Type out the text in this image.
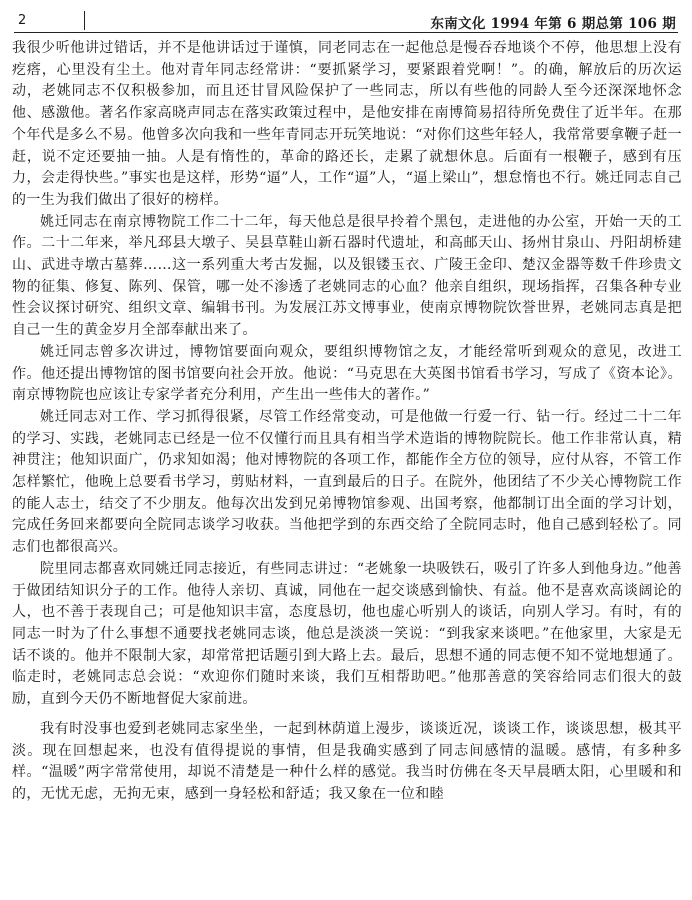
2	东南文化 1994 年第 6 期总第 106 期

我很少听他讲过错话，并不是他讲话过于谨慎，同老同志在一起他总是慢吞吞地谈个不停，他思想上没有疙瘩，心里没有尘土。他对青年同志经常讲：“要抓紧学习，要紧跟着党啊！”。的确，解放后的历次运动，老姚同志不仅积极参加，而且还甘冒风险保护了一些同志，所以有些他的同龄人至今还深深地怀念他、感激他。著名作家高晓声同志在落实政策过程中，是他安排在南博简易招待所免费住了近半年。在那个年代是多么不易。他曾多次向我和一些年青同志开玩笑地说：“对你们这些年轻人，我常常要拿鞭子赶一赶，说不定还要抽一抽。人是有惰性的，革命的路还长，走累了就想休息。后面有一根鞭子，感到有压力，会走得快些。”事实也是这样，形势“逼”人，工作“逼”人，“逼上梁山”，想怠惰也不行。姚迁同志自己的一生为我们做出了很好的榜样。

姚迁同志在南京博物院工作二十二年，每天他总是很早拎着个黑包，走进他的办公室，开始一天的工作。二十二年来，举凡邳县大墩子、吴县草鞋山新石器时代遗址，和高邮天山、扬州甘泉山、丹阳胡桥建山、武进寺墩古墓葬……这一系列重大考古发掘，以及银镂玉衣、广陵王金印、楚汉金器等数千件珍贵文物的征集、修复、陈列、保管，哪一处不渗透了老姚同志的心血？他亲自组织，现场指挥，召集各种专业性会议探讨研究、组织文章、编辑书刊。为发展江苏文博事业，使南京博物院饮誉世界，老姚同志真是把自己一生的黄金岁月全部奉献出来了。

姚迁同志曾多次讲过，博物馆要面向观众，要组织博物馆之友，才能经常听到观众的意见，改进工作。他还提出博物馆的图书馆要向社会开放。他说：“马克思在大英图书馆看书学习，写成了《资本论》。南京博物院也应该让专家学者充分利用，产生出一些伟大的著作。”

姚迁同志对工作、学习抓得很紧，尽管工作经常变动，可是他做一行爱一行、钻一行。经过二十二年的学习、实践，老姚同志已经是一位不仅懂行而且具有相当学术造诣的博物院院长。他工作非常认真，精神贯注；他知识面广，仍求知如渴；他对博物院的各项工作，都能作全方位的领导，应付从容，不管工作怎样繁忙，他晚上总要看书学习，剪贴材料，一直到最后的日子。在院外，他团结了不少关心博物院工作的能人志士，结交了不少朋友。他每次出发到兄弟博物馆参观、出国考察，他都制订出全面的学习计划，完成任务回来都要向全院同志谈学习收获。当他把学到的东西交给了全院同志时，他自己感到轻松了。同志们也都很高兴。

院里同志都喜欢同姚迁同志接近，有些同志讲过：“老姚象一块吸铁石，吸引了许多人到他身边。”他善于做团结知识分子的工作。他待人亲切、真诚，同他在一起交谈感到愉快、有益。他不是喜欢高谈阔论的人，也不善于表现自己；可是他知识丰富，态度恳切，他也虚心听别人的谈话，向别人学习。有时，有的同志一时为了什么事想不通要找老姚同志谈，他总是淡淡一笑说：“到我家来谈吧。”在他家里，大家是无话不谈的。他并不限制大家，却常常把话题引到大路上去。最后，思想不通的同志便不知不觉地想通了。临走时，老姚同志总会说：“欢迎你们随时来谈，我们互相帮助吧。”他那善意的笑容给同志们很大的鼓励，直到今天仍不断地督促大家前进。

我有时没事也爱到老姚同志家坐坐，一起到林荫道上漫步，谈谈近况，谈谈工作，谈谈思想，极其平淡。现在回想起来，也没有值得提说的事情，但是我确实感到了同志间感情的温暖。感情，有多种多样。“温暖”两字常常使用，却说不清楚是一种什么样的感觉。我当时仿佛在冬天早晨晒太阳，心里暖和和的，无忧无虑，无拘无束，感到一身轻松和舒适；我又象在一位和睦
